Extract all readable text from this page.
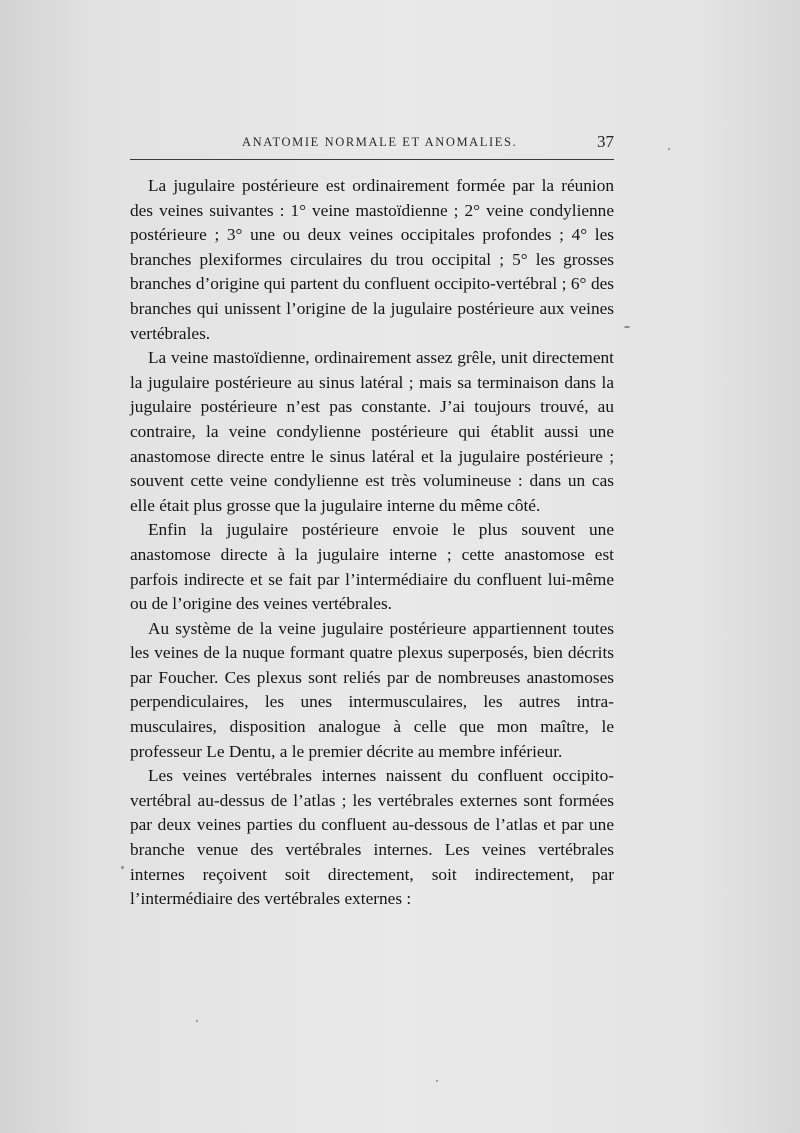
ANATOMIE NORMALE ET ANOMALIES.	37

La jugulaire postérieure est ordinairement formée par la réunion des veines suivantes : 1° veine mastoïdienne ; 2° veine condylienne postérieure ; 3° une ou deux veines occipitales profondes ; 4° les branches plexiformes circulaires du trou occipital ; 5° les grosses branches d’origine qui partent du confluent occipito-vertébral ; 6° des branches qui unissent l’origine de la jugulaire postérieure aux veines vertébrales.

La veine mastoïdienne, ordinairement assez grêle, unit directement la jugulaire postérieure au sinus latéral ; mais sa terminaison dans la jugulaire postérieure n’est pas constante. J’ai toujours trouvé, au contraire, la veine condylienne postérieure qui établit aussi une anastomose directe entre le sinus latéral et la jugulaire postérieure ; souvent cette veine condylienne est très volumineuse : dans un cas elle était plus grosse que la jugulaire interne du même côté.

Enfin la jugulaire postérieure envoie le plus souvent une anastomose directe à la jugulaire interne ; cette anastomose est parfois indirecte et se fait par l’intermédiaire du confluent lui-même ou de l’origine des veines vertébrales.

Au système de la veine jugulaire postérieure appartiennent toutes les veines de la nuque formant quatre plexus superposés, bien décrits par Foucher. Ces plexus sont reliés par de nombreuses anastomoses perpendiculaires, les unes intermusculaires, les autres intra-musculaires, disposition analogue à celle que mon maître, le professeur Le Dentu, a le premier décrite au membre inférieur.

Les veines vertébrales internes naissent du confluent occipito-vertébral au-dessus de l’atlas ; les vertébrales externes sont formées par deux veines parties du confluent au-dessous de l’atlas et par une branche venue des vertébrales internes. Les veines vertébrales internes reçoivent soit directement, soit indirectement, par l’intermédiaire des vertébrales externes :
